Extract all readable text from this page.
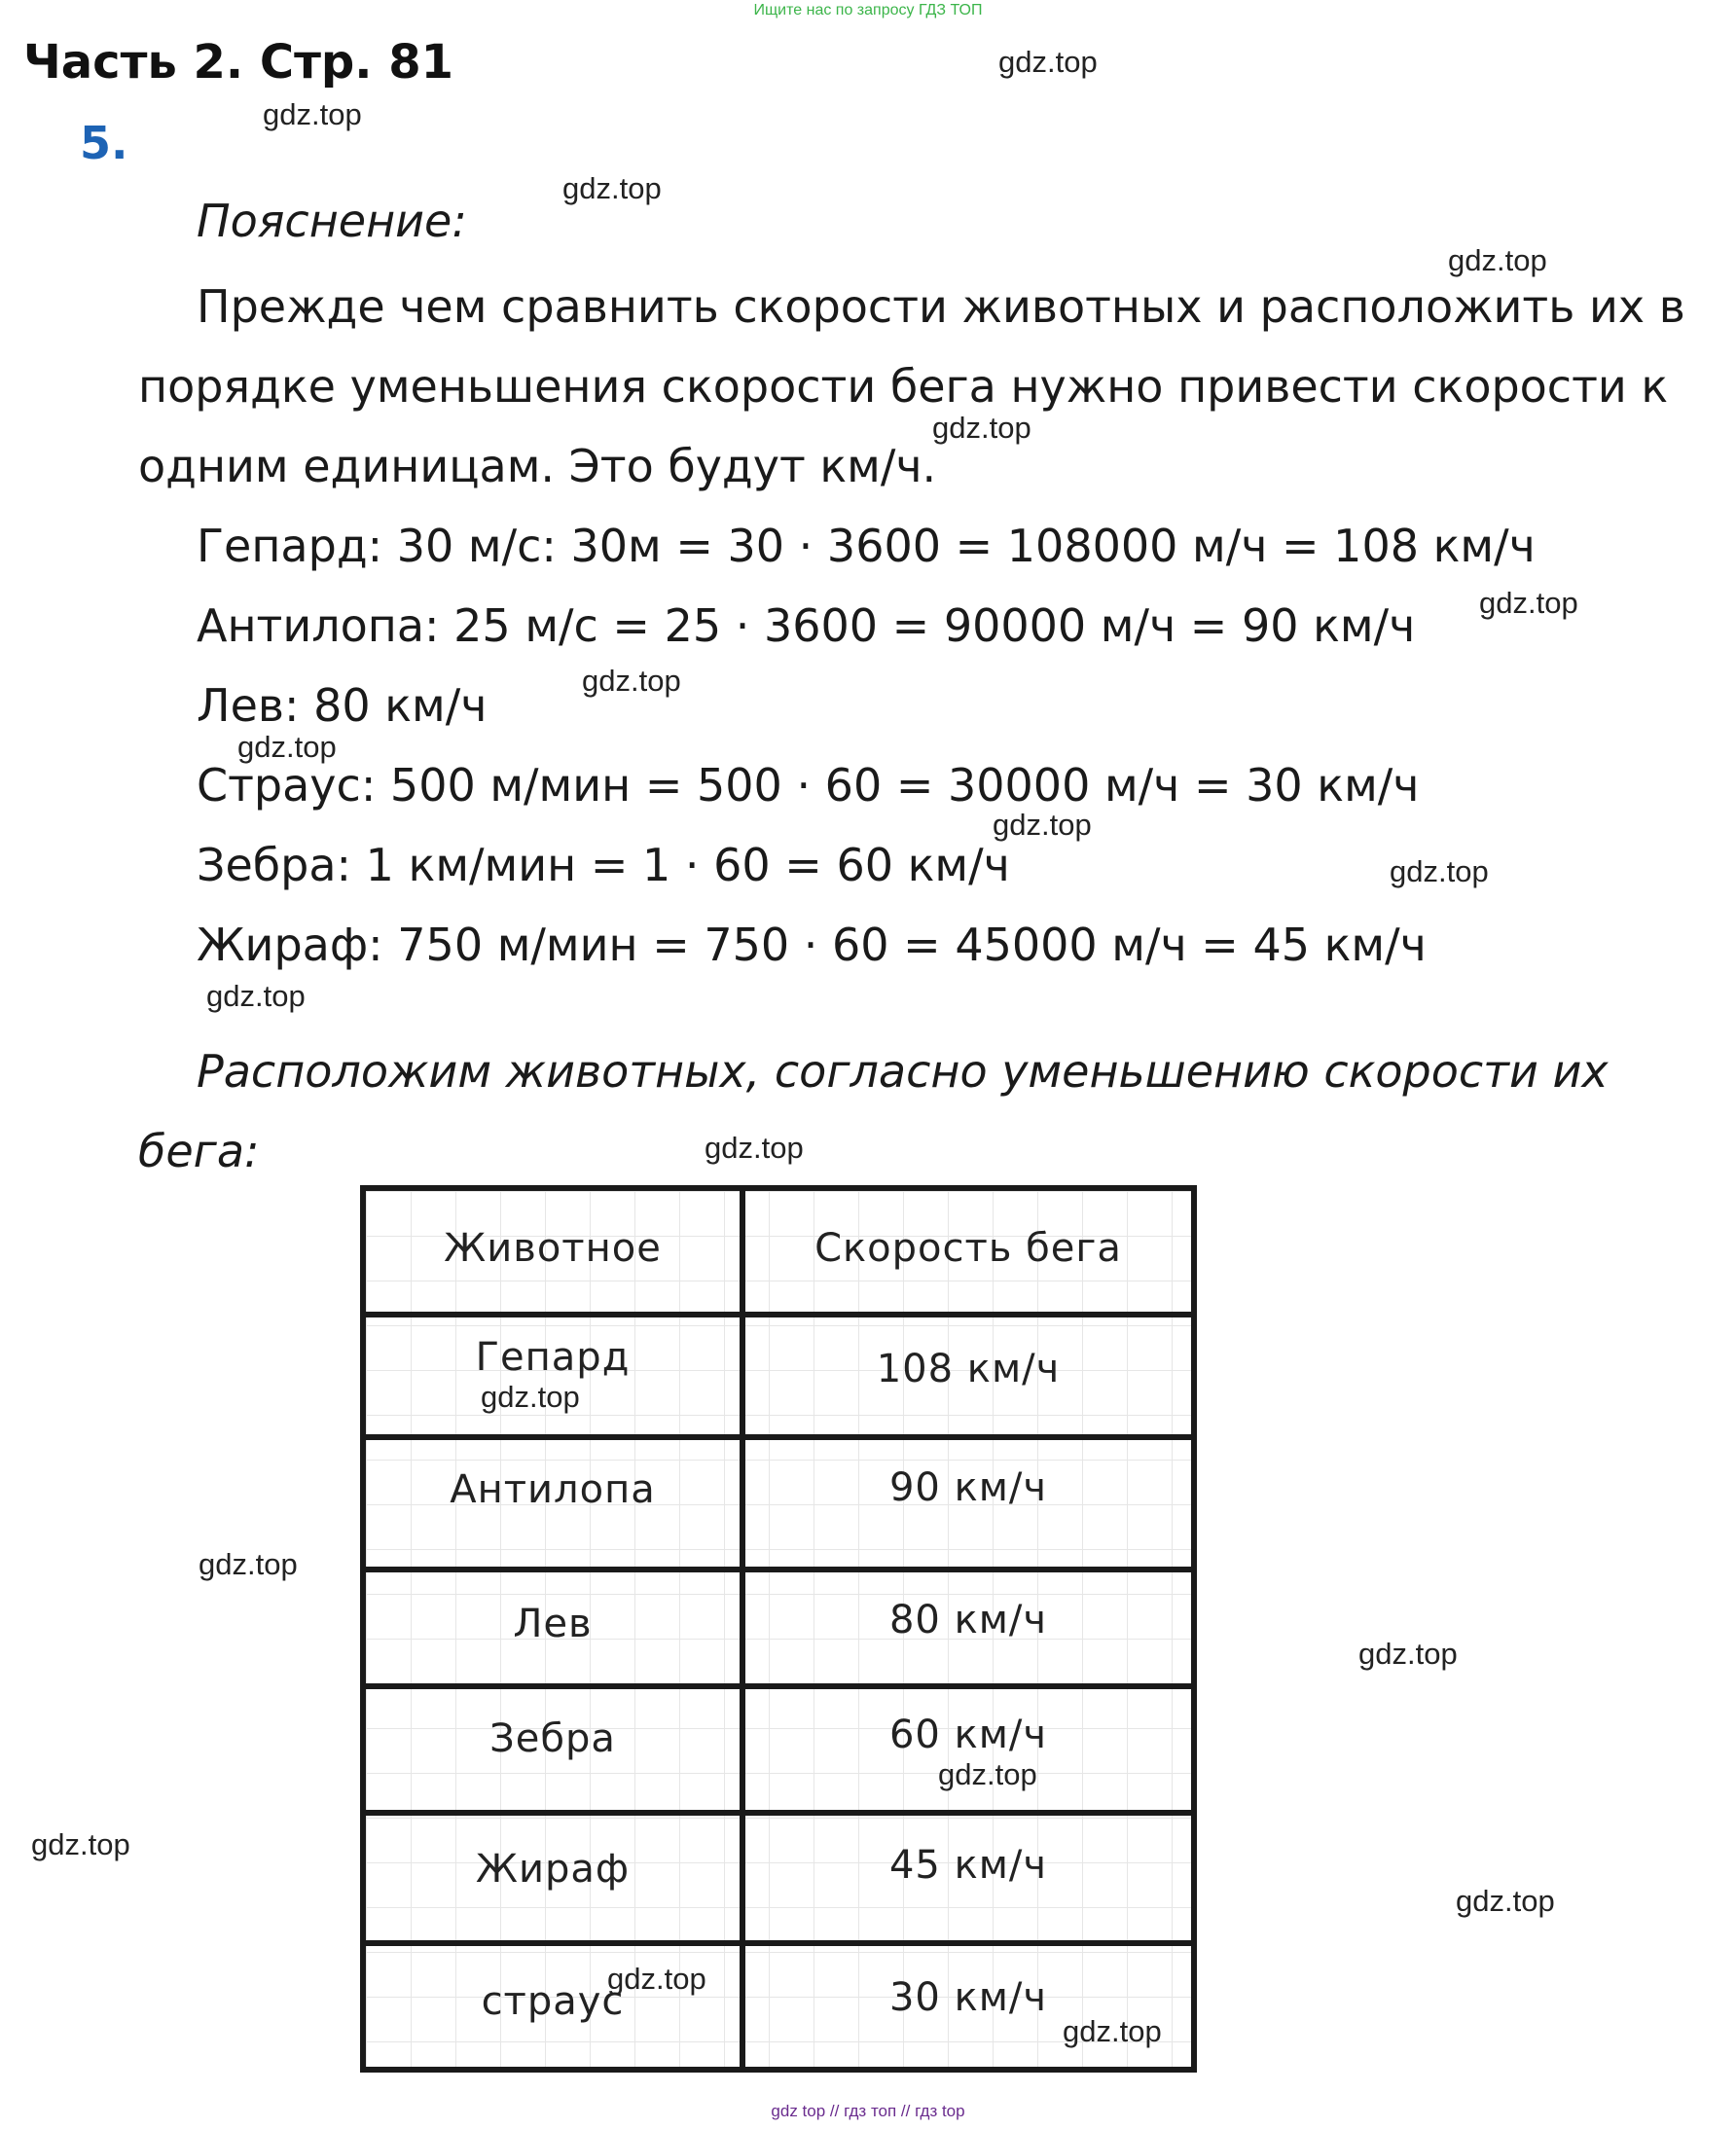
Ищите нас по запросу ГДЗ ТОП
Часть 2. Стр. 81
5.
Пояснение:
Прежде чем сравнить скорости животных и расположить их в
порядке уменьшения скорости бега нужно привести скорости к
одним единицам. Это будут км/ч.
Гепард: 30 м/с: 30м = 30 · 3600 = 108000 м/ч = 108 км/ч
Антилопа: 25 м/с = 25 · 3600 = 90000 м/ч = 90 км/ч
Лев: 80 км/ч
Страус: 500 м/мин = 500 · 60 = 30000 м/ч = 30 км/ч
Зебра: 1 км/мин = 1 · 60 = 60 км/ч
Жираф: 750 м/мин = 750 · 60 = 45000 м/ч = 45 км/ч
Расположим животных, согласно уменьшению скорости их
бега:
Животное	Скорость бега
Гепард	108 км/ч
Антилопа	90 км/ч
Лев	80 км/ч
Зебра	60 км/ч
Жираф	45 км/ч
страус	30 км/ч
gdz.top
gdz.top
gdz.top
gdz.top
gdz.top
gdz.top
gdz.top
gdz.top
gdz.top
gdz.top
gdz.top
gdz.top
gdz.top
gdz.top
gdz.top
gdz.top
gdz.top
gdz.top
gdz.top
gdz.top
gdz top // гдз топ // гдз top
